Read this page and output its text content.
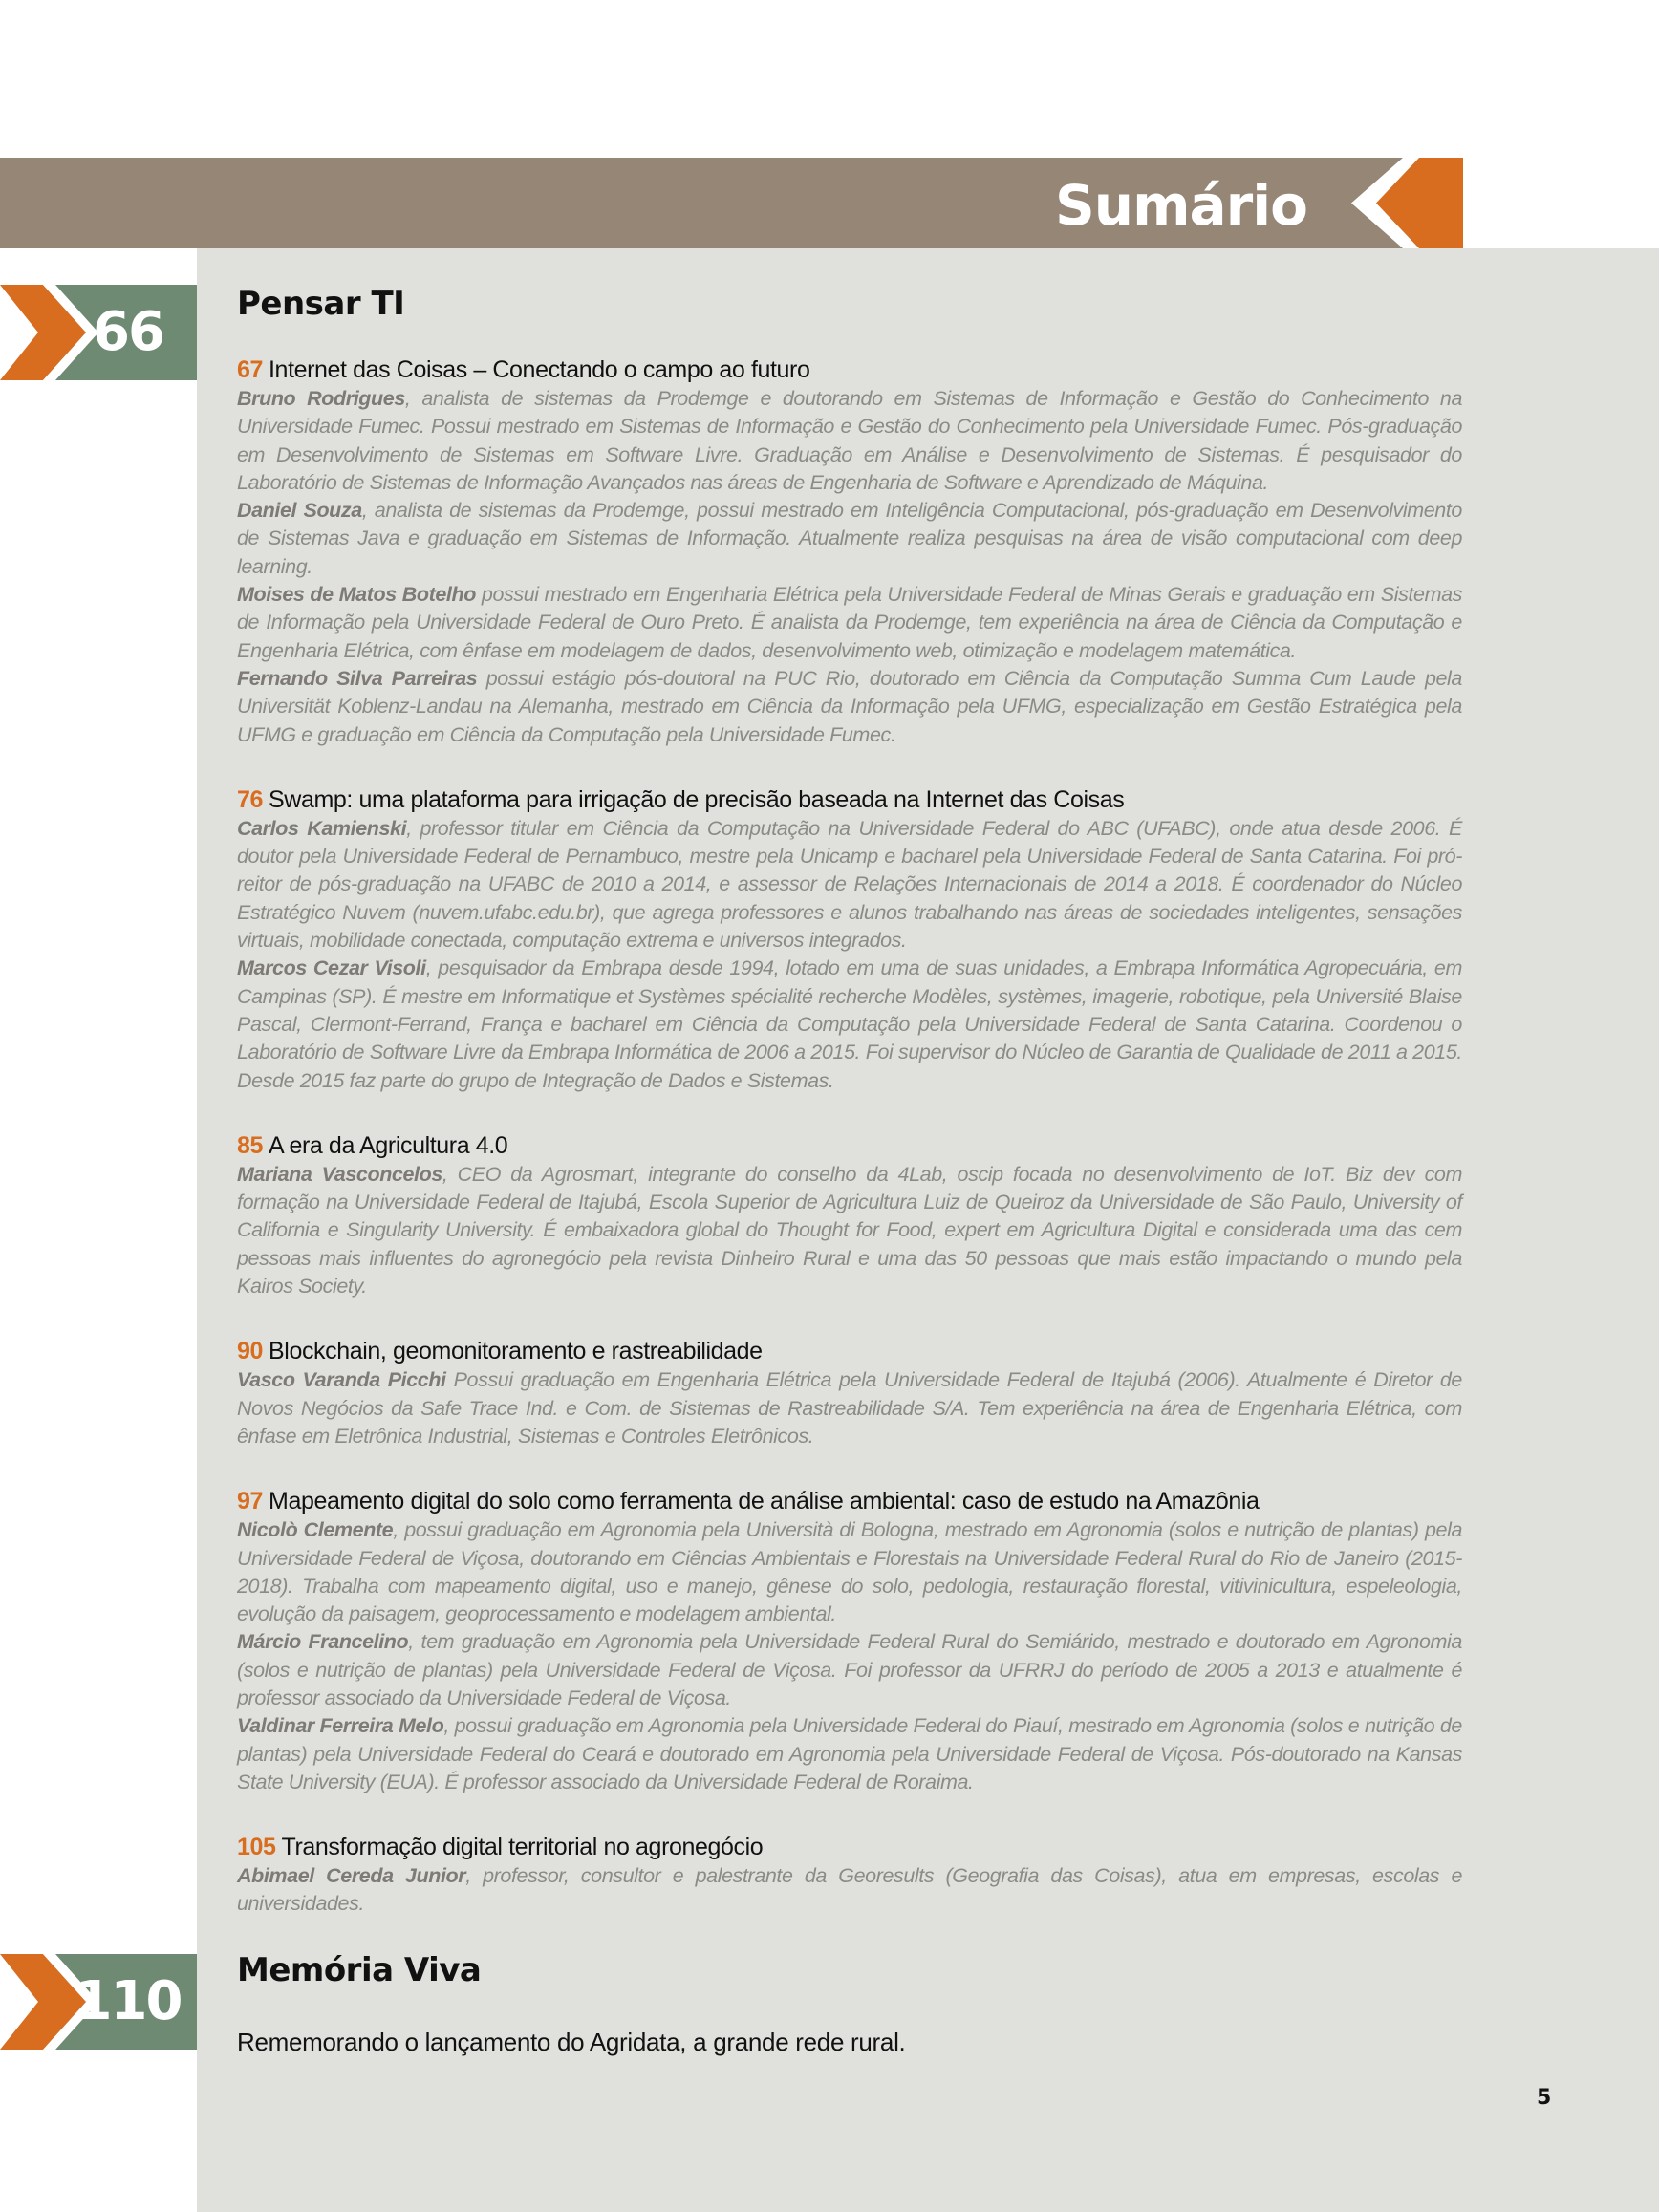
Sumário
66	Pensar TI
67 Internet das Coisas – Conectando o campo ao futuro

Bruno Rodrigues, analista de sistemas da Prodemge e doutorando em Sistemas de Informação e Gestão do Conhecimento na Universidade Fumec. Possui mestrado em Sistemas de Informação e Gestão do Conhecimento pela Universidade Fumec. Pós-graduação em Desenvolvimento de Sistemas em Software Livre. Graduação em Análise e Desenvolvimento de Sistemas. É pesquisador do Laboratório de Sistemas de Informação Avançados nas áreas de Engenharia de Software e Aprendizado de Máquina.

Daniel Souza, analista de sistemas da Prodemge, possui mestrado em Inteligência Computacional, pós-graduação em Desenvolvimento de Sistemas Java e graduação em Sistemas de Informação. Atualmente realiza pesquisas na área de visão computacional com deep learning.

Moises de Matos Botelho possui mestrado em Engenharia Elétrica pela Universidade Federal de Minas Gerais e graduação em Sistemas de Informação pela Universidade Federal de Ouro Preto. É analista da Prodemge, tem experiência na área de Ciência da Computação e Engenharia Elétrica, com ênfase em modelagem de dados, desenvolvimento web, otimização e modelagem matemática.

Fernando Silva Parreiras possui estágio pós-doutoral na PUC Rio, doutorado em Ciência da Computação Summa Cum Laude pela Universität Koblenz-Landau na Alemanha, mestrado em Ciência da Informação pela UFMG, especialização em Gestão Estratégica pela UFMG e graduação em Ciência da Computação pela Universidade Fumec.

76 Swamp: uma plataforma para irrigação de precisão baseada na Internet das Coisas

Carlos Kamienski, professor titular em Ciência da Computação na Universidade Federal do ABC (UFABC), onde atua desde 2006. É doutor pela Universidade Federal de Pernambuco, mestre pela Unicamp e bacharel pela Universidade Federal de Santa Catarina. Foi pró-reitor de pós-graduação na UFABC de 2010 a 2014, e assessor de Relações Internacionais de 2014 a 2018. É coordenador do Núcleo Estratégico Nuvem (nuvem.ufabc.edu.br), que agrega professores e alunos trabalhando nas áreas de sociedades inteligentes, sensações virtuais, mobilidade conectada, computação extrema e universos integrados.

Marcos Cezar Visoli, pesquisador da Embrapa desde 1994, lotado em uma de suas unidades, a Embrapa Informática Agropecuária, em Campinas (SP). É mestre em Informatique et Systèmes spécialité recherche Modèles, systèmes, imagerie, robotique, pela Université Blaise Pascal, Clermont-Ferrand, França e bacharel em Ciência da Computação pela Universidade Federal de Santa Catarina. Coordenou o Laboratório de Software Livre da Embrapa Informática de 2006 a 2015. Foi supervisor do Núcleo de Garantia de Qualidade de 2011 a 2015. Desde 2015 faz parte do grupo de Integração de Dados e Sistemas.

85 A era da Agricultura 4.0

Mariana Vasconcelos, CEO da Agrosmart, integrante do conselho da 4Lab, oscip focada no desenvolvimento de IoT. Biz dev com formação na Universidade Federal de Itajubá, Escola Superior de Agricultura Luiz de Queiroz da Universidade de São Paulo, University of California e Singularity University. É embaixadora global do Thought for Food, expert em Agricultura Digital e considerada uma das cem pessoas mais influentes do agronegócio pela revista Dinheiro Rural e uma das 50 pessoas que mais estão impactando o mundo pela Kairos Society.

90 Blockchain, geomonitoramento e rastreabilidade

Vasco Varanda Picchi Possui graduação em Engenharia Elétrica pela Universidade Federal de Itajubá (2006). Atualmente é Diretor de Novos Negócios da Safe Trace Ind. e Com. de Sistemas de Rastreabilidade S/A. Tem experiência na área de Engenharia Elétrica, com ênfase em Eletrônica Industrial, Sistemas e Controles Eletrônicos.

97 Mapeamento digital do solo como ferramenta de análise ambiental: caso de estudo na Amazônia

Nicolò Clemente, possui graduação em Agronomia pela Università di Bologna, mestrado em Agronomia (solos e nutrição de plantas) pela Universidade Federal de Viçosa, doutorando em Ciências Ambientais e Florestais na Universidade Federal Rural do Rio de Janeiro (2015-2018). Trabalha com mapeamento digital, uso e manejo, gênese do solo, pedologia, restauração florestal, vitivinicultura, espeleologia, evolução da paisagem, geoprocessamento e modelagem ambiental.

Márcio Francelino, tem graduação em Agronomia pela Universidade Federal Rural do Semiárido, mestrado e doutorado em Agronomia (solos e nutrição de plantas) pela Universidade Federal de Viçosa. Foi professor da UFRRJ do período de 2005 a 2013 e atualmente é professor associado da Universidade Federal de Viçosa.

Valdinar Ferreira Melo, possui graduação em Agronomia pela Universidade Federal do Piauí, mestrado em Agronomia (solos e nutrição de plantas) pela Universidade Federal do Ceará e doutorado em Agronomia pela Universidade Federal de Viçosa. Pós-doutorado na Kansas State University (EUA). É professor associado da Universidade Federal de Roraima.

105 Transformação digital territorial no agronegócio

Abimael Cereda Junior, professor, consultor e palestrante da Georesults (Geografia das Coisas), atua em empresas, escolas e universidades.

110	Memória Viva
Rememorando o lançamento do Agridata, a grande rede rural.
5
